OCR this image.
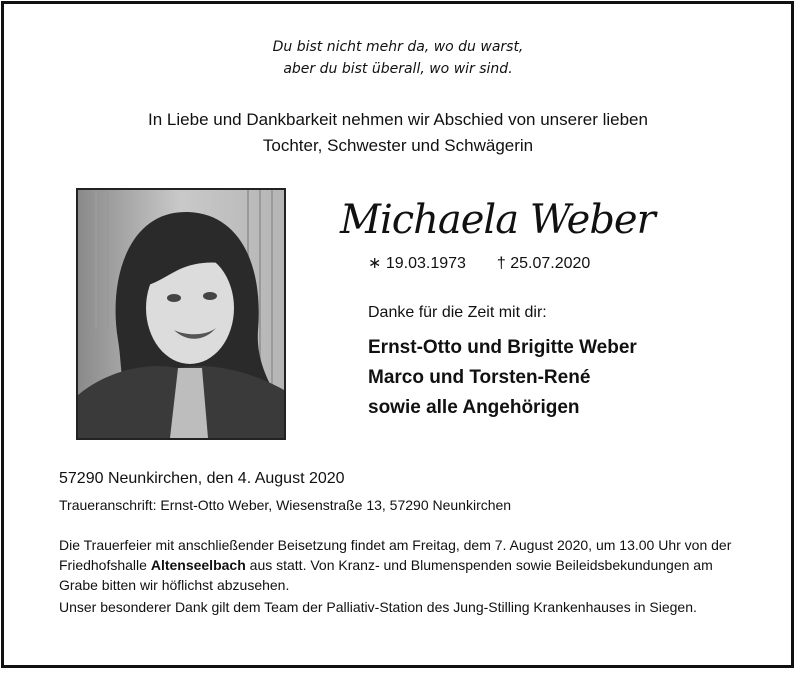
Du bist nicht mehr da, wo du warst,
aber du bist überall, wo wir sind.
In Liebe und Dankbarkeit nehmen wir Abschied von unserer lieben
Tochter, Schwester und Schwägerin
Michaela Weber
∗ 19.03.1973 † 25.07.2020
Danke für die Zeit mit dir:
Ernst-Otto und Brigitte Weber
Marco und Torsten-René
sowie alle Angehörigen
57290 Neunkirchen, den 4. August 2020
Traueranschrift: Ernst-Otto Weber, Wiesenstraße 13, 57290 Neunkirchen

Die Trauerfeier mit anschließender Beisetzung findet am Freitag, dem 7. August 2020, um 13.00 Uhr von der Friedhofshalle Altenseelbach aus statt. Von Kranz- und Blumenspenden sowie Beileidsbekundungen am Grabe bitten wir höflichst abzusehen.

Unser besonderer Dank gilt dem Team der Palliativ-Station des Jung-Stilling Krankenhauses in Siegen.
